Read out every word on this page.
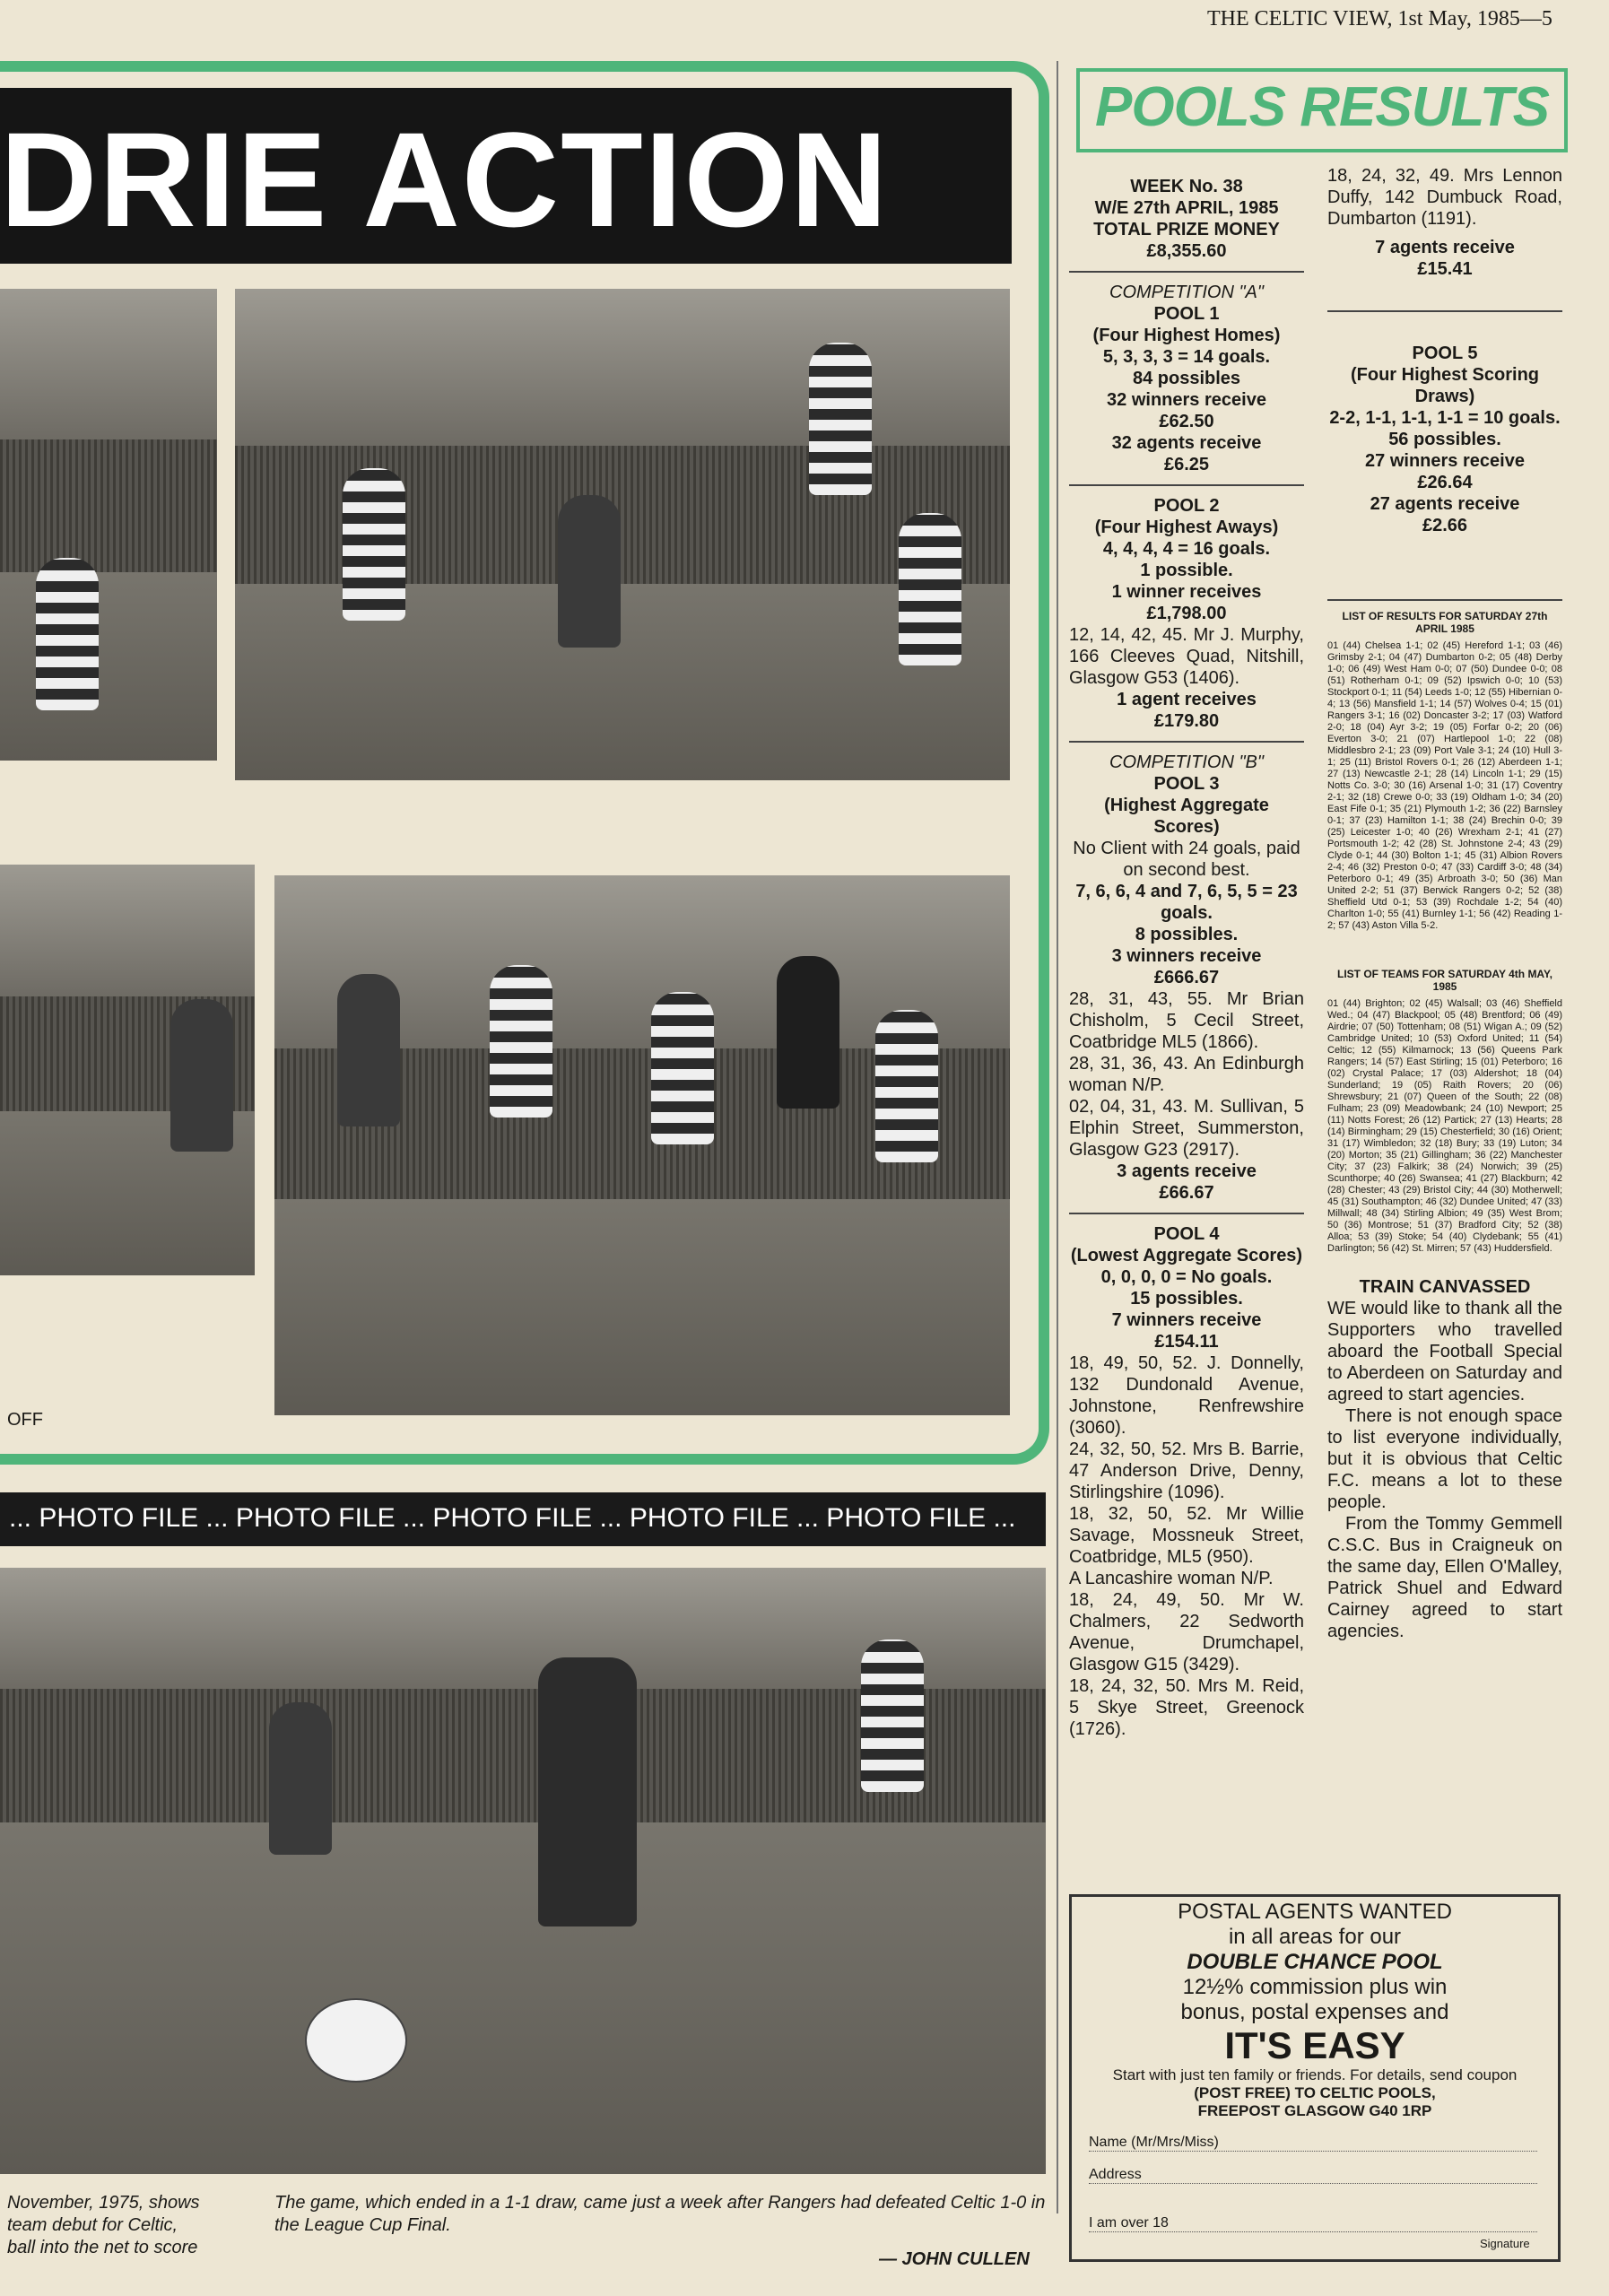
THE CELTIC VIEW, 1st May, 1985—5
DRIE ACTION
OFF
... PHOTO FILE ... PHOTO FILE ... PHOTO FILE ... PHOTO FILE ... PHOTO FILE ...
November, 1975, shows
team debut for Celtic,
ball into the net to score
The game, which ended in a 1-1 draw, came just a week after Rangers had defeated Celtic 1-0 in the League Cup Final.
— JOHN CULLEN
POOLS RESULTS

WEEK No. 38

W/E 27th APRIL, 1985

TOTAL PRIZE MONEY

£8,355.60

COMPETITION "A"

POOL 1

(Four Highest Homes)

5, 3, 3, 3 = 14 goals.

84 possibles

32 winners receive

£62.50

32 agents receive

£6.25

POOL 2

(Four Highest Aways)

4, 4, 4, 4 = 16 goals.

1 possible.

1 winner receives

£1,798.00

12, 14, 42, 45. Mr J. Murphy, 166 Cleeves Quad, Nitshill, Glasgow G53 (1406).

1 agent receives

£179.80

COMPETITION "B"

POOL 3

(Highest Aggregate Scores)

No Client with 24 goals, paid on second best.

7, 6, 6, 4 and 7, 6, 5, 5 = 23 goals.

8 possibles.

3 winners receive

£666.67

28, 31, 43, 55. Mr Brian Chisholm, 5 Cecil Street, Coatbridge ML5 (1866).

28, 31, 36, 43. An Edinburgh woman N/P.

02, 04, 31, 43. M. Sullivan, 5 Elphin Street, Summerston, Glasgow G23 (2917).

3 agents receive

£66.67

POOL 4

(Lowest Aggregate Scores)

0, 0, 0, 0 = No goals.

15 possibles.

7 winners receive

£154.11

18, 49, 50, 52. J. Donnelly, 132 Dundonald Avenue, Johnstone, Renfrewshire (3060).

24, 32, 50, 52. Mrs B. Barrie, 47 Anderson Drive, Denny, Stirlingshire (1096).

18, 32, 50, 52. Mr Willie Savage, Mossneuk Street, Coatbridge, ML5 (950).

A Lancashire woman N/P.

18, 24, 49, 50. Mr W. Chalmers, 22 Sedworth Avenue, Drumchapel, Glasgow G15 (3429).

18, 24, 32, 50. Mrs M. Reid, 5 Skye Street, Greenock (1726).

18, 24, 32, 49. Mrs Lennon Duffy, 142 Dumbuck Road, Dumbarton (1191).

7 agents receive

£15.41

POOL 5

(Four Highest Scoring Draws)

2-2, 1-1, 1-1, 1-1 = 10 goals.

56 possibles.

27 winners receive

£26.64

27 agents receive

£2.66

LIST OF RESULTS FOR SATURDAY 27th APRIL 1985
01 (44) Chelsea 1-1; 02 (45) Hereford 1-1; 03 (46) Grimsby 2-1; 04 (47) Dumbarton 0-2; 05 (48) Derby 1-0; 06 (49) West Ham 0-0; 07 (50) Dundee 0-0; 08 (51) Rotherham 0-1; 09 (52) Ipswich 0-0; 10 (53) Stockport 0-1; 11 (54) Leeds 1-0; 12 (55) Hibernian 0-4; 13 (56) Mansfield 1-1; 14 (57) Wolves 0-4; 15 (01) Rangers 3-1; 16 (02) Doncaster 3-2; 17 (03) Watford 2-0; 18 (04) Ayr 3-2; 19 (05) Forfar 0-2; 20 (06) Everton 3-0; 21 (07) Hartlepool 1-0; 22 (08) Middlesbro 2-1; 23 (09) Port Vale 3-1; 24 (10) Hull 3-1; 25 (11) Bristol Rovers 0-1; 26 (12) Aberdeen 1-1; 27 (13) Newcastle 2-1; 28 (14) Lincoln 1-1; 29 (15) Notts Co. 3-0; 30 (16) Arsenal 1-0; 31 (17) Coventry 2-1; 32 (18) Crewe 0-0; 33 (19) Oldham 1-0; 34 (20) East Fife 0-1; 35 (21) Plymouth 1-2; 36 (22) Barnsley 0-1; 37 (23) Hamilton 1-1; 38 (24) Brechin 0-0; 39 (25) Leicester 1-0; 40 (26) Wrexham 2-1; 41 (27) Portsmouth 1-2; 42 (28) St. Johnstone 2-4; 43 (29) Clyde 0-1; 44 (30) Bolton 1-1; 45 (31) Albion Rovers 2-4; 46 (32) Preston 0-0; 47 (33) Cardiff 3-0; 48 (34) Peterboro 0-1; 49 (35) Arbroath 3-0; 50 (36) Man United 2-2; 51 (37) Berwick Rangers 0-2; 52 (38) Sheffield Utd 0-1; 53 (39) Rochdale 1-2; 54 (40) Charlton 1-0; 55 (41) Burnley 1-1; 56 (42) Reading 1-2; 57 (43) Aston Villa 5-2.
LIST OF TEAMS FOR SATURDAY 4th MAY, 1985
01 (44) Brighton; 02 (45) Walsall; 03 (46) Sheffield Wed.; 04 (47) Blackpool; 05 (48) Brentford; 06 (49) Airdrie; 07 (50) Tottenham; 08 (51) Wigan A.; 09 (52) Cambridge United; 10 (53) Oxford United; 11 (54) Celtic; 12 (55) Kilmarnock; 13 (56) Queens Park Rangers; 14 (57) East Stirling; 15 (01) Peterboro; 16 (02) Crystal Palace; 17 (03) Aldershot; 18 (04) Sunderland; 19 (05) Raith Rovers; 20 (06) Shrewsbury; 21 (07) Queen of the South; 22 (08) Fulham; 23 (09) Meadowbank; 24 (10) Newport; 25 (11) Notts Forest; 26 (12) Partick; 27 (13) Hearts; 28 (14) Birmingham; 29 (15) Chesterfield; 30 (16) Orient; 31 (17) Wimbledon; 32 (18) Bury; 33 (19) Luton; 34 (20) Morton; 35 (21) Gillingham; 36 (22) Manchester City; 37 (23) Falkirk; 38 (24) Norwich; 39 (25) Scunthorpe; 40 (26) Swansea; 41 (27) Blackburn; 42 (28) Chester; 43 (29) Bristol City; 44 (30) Motherwell; 45 (31) Southampton; 46 (32) Dundee United; 47 (33) Millwall; 48 (34) Stirling Albion; 49 (35) West Brom; 50 (36) Montrose; 51 (37) Bradford City; 52 (38) Alloa; 53 (39) Stoke; 54 (40) Clydebank; 55 (41) Darlington; 56 (42) St. Mirren; 57 (43) Huddersfield.
TRAIN CANVASSED

WE would like to thank all the Supporters who travelled aboard the Football Special to Aberdeen on Saturday and agreed to start agencies.

There is not enough space to list everyone individually, but it is obvious that Celtic F.C. means a lot to these people.

From the Tommy Gemmell C.S.C. Bus in Craigneuk on the same day, Ellen O'Malley, Patrick Shuel and Edward Cairney agreed to start agencies.

POSTAL AGENTS WANTED
in all areas for our
DOUBLE CHANCE POOL
12½% commission plus win
bonus, postal expenses and
IT'S EASY
Start with just ten family or friends. For details, send coupon
(POST FREE) TO CELTIC POOLS,
FREEPOST GLASGOW G40 1RP
Name (Mr/Mrs/Miss)
Address
I am over 18
Signature
